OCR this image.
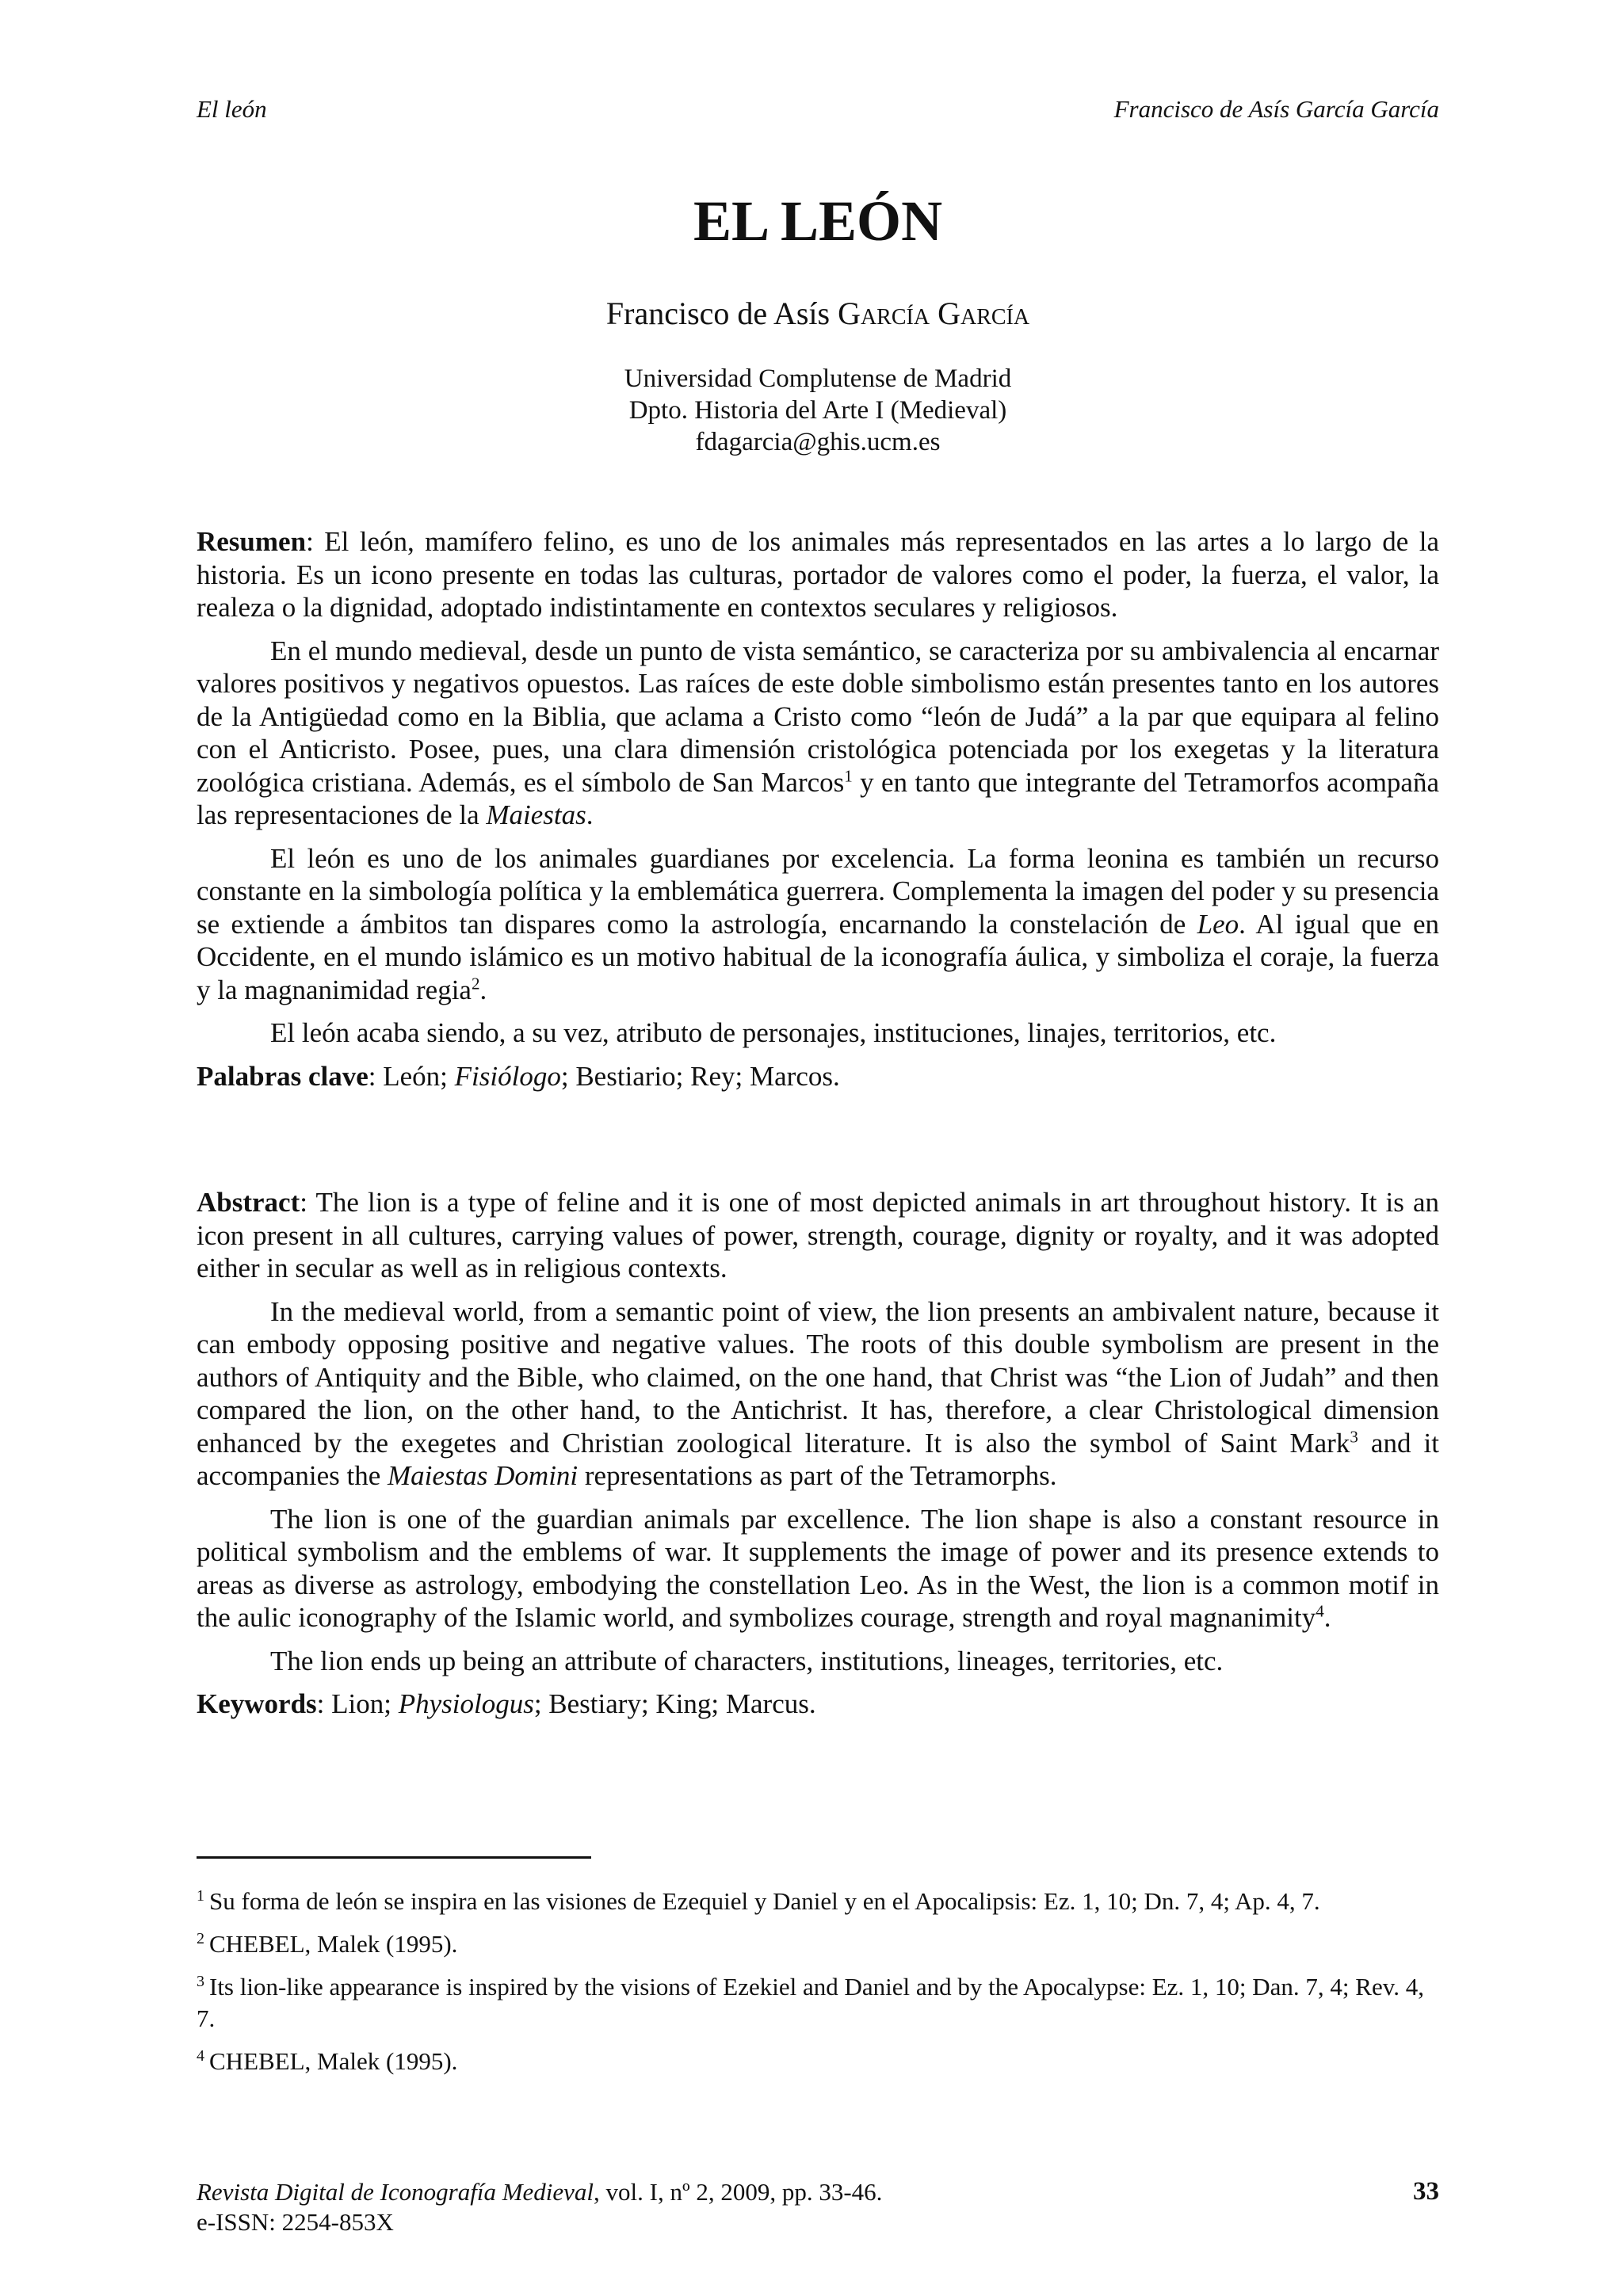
El león	Francisco de Asís García García
EL LEÓN
Francisco de Asís García García
Universidad Complutense de Madrid
Dpto. Historia del Arte I (Medieval)
fdagarcia@ghis.ucm.es

Resumen: El león, mamífero felino, es uno de los animales más representados en las artes a lo largo de la historia. Es un icono presente en todas las culturas, portador de valores como el poder, la fuerza, el valor, la realeza o la dignidad, adoptado indistintamente en contextos seculares y religiosos.

En el mundo medieval, desde un punto de vista semántico, se caracteriza por su ambivalencia al encarnar valores positivos y negativos opuestos. Las raíces de este doble simbolismo están presentes tanto en los autores de la Antigüedad como en la Biblia, que aclama a Cristo como “león de Judá” a la par que equipara al felino con el Anticristo. Posee, pues, una clara dimensión cristológica potenciada por los exegetas y la literatura zoológica cristiana. Además, es el símbolo de San Marcos$^1$ y en tanto que integrante del Tetramorfos acompaña las representaciones de la Maiestas.

El león es uno de los animales guardianes por excelencia. La forma leonina es también un recurso constante en la simbología política y la emblemática guerrera. Complementa la imagen del poder y su presencia se extiende a ámbitos tan dispares como la astrología, encarnando la constelación de Leo. Al igual que en Occidente, en el mundo islámico es un motivo habitual de la iconografía áulica, y simboliza el coraje, la fuerza y la magnanimidad regia$^2$.

El león acaba siendo, a su vez, atributo de personajes, instituciones, linajes, territorios, etc.

Palabras clave: León; Fisiólogo; Bestiario; Rey; Marcos.

Abstract: The lion is a type of feline and it is one of most depicted animals in art throughout history. It is an icon present in all cultures, carrying values of power, strength, courage, dignity or royalty, and it was adopted either in secular as well as in religious contexts.

In the medieval world, from a semantic point of view, the lion presents an ambivalent nature, because it can embody opposing positive and negative values. The roots of this double symbolism are present in the authors of Antiquity and the Bible, who claimed, on the one hand, that Christ was “the Lion of Judah” and then compared the lion, on the other hand, to the Antichrist. It has, therefore, a clear Christological dimension enhanced by the exegetes and Christian zoological literature. It is also the symbol of Saint Mark$^3$ and it accompanies the Maiestas Domini representations as part of the Tetramorphs.

The lion is one of the guardian animals par excellence. The lion shape is also a constant resource in political symbolism and the emblems of war. It supplements the image of power and its presence extends to areas as diverse as astrology, embodying the constellation Leo. As in the West, the lion is a common motif in the aulic iconography of the Islamic world, and symbolizes courage, strength and royal magnanimity$^4$.

The lion ends up being an attribute of characters, institutions, lineages, territories, etc.

Keywords: Lion; Physiologus; Bestiary; King; Marcus.

$^1$ Su forma de león se inspira en las visiones de Ezequiel y Daniel y en el Apocalipsis: Ez. 1, 10; Dn. 7, 4; Ap. 4, 7.

$^2$ CHEBEL, Malek (1995).

$^3$ Its lion-like appearance is inspired by the visions of Ezekiel and Daniel and by the Apocalypse: Ez. 1, 10; Dan. 7, 4; Rev. 4, 7.

$^4$ CHEBEL, Malek (1995).

Revista Digital de Iconografía Medieval, vol. I, nº 2, 2009, pp. 33-46.
e-ISSN: 2254-853X
33
